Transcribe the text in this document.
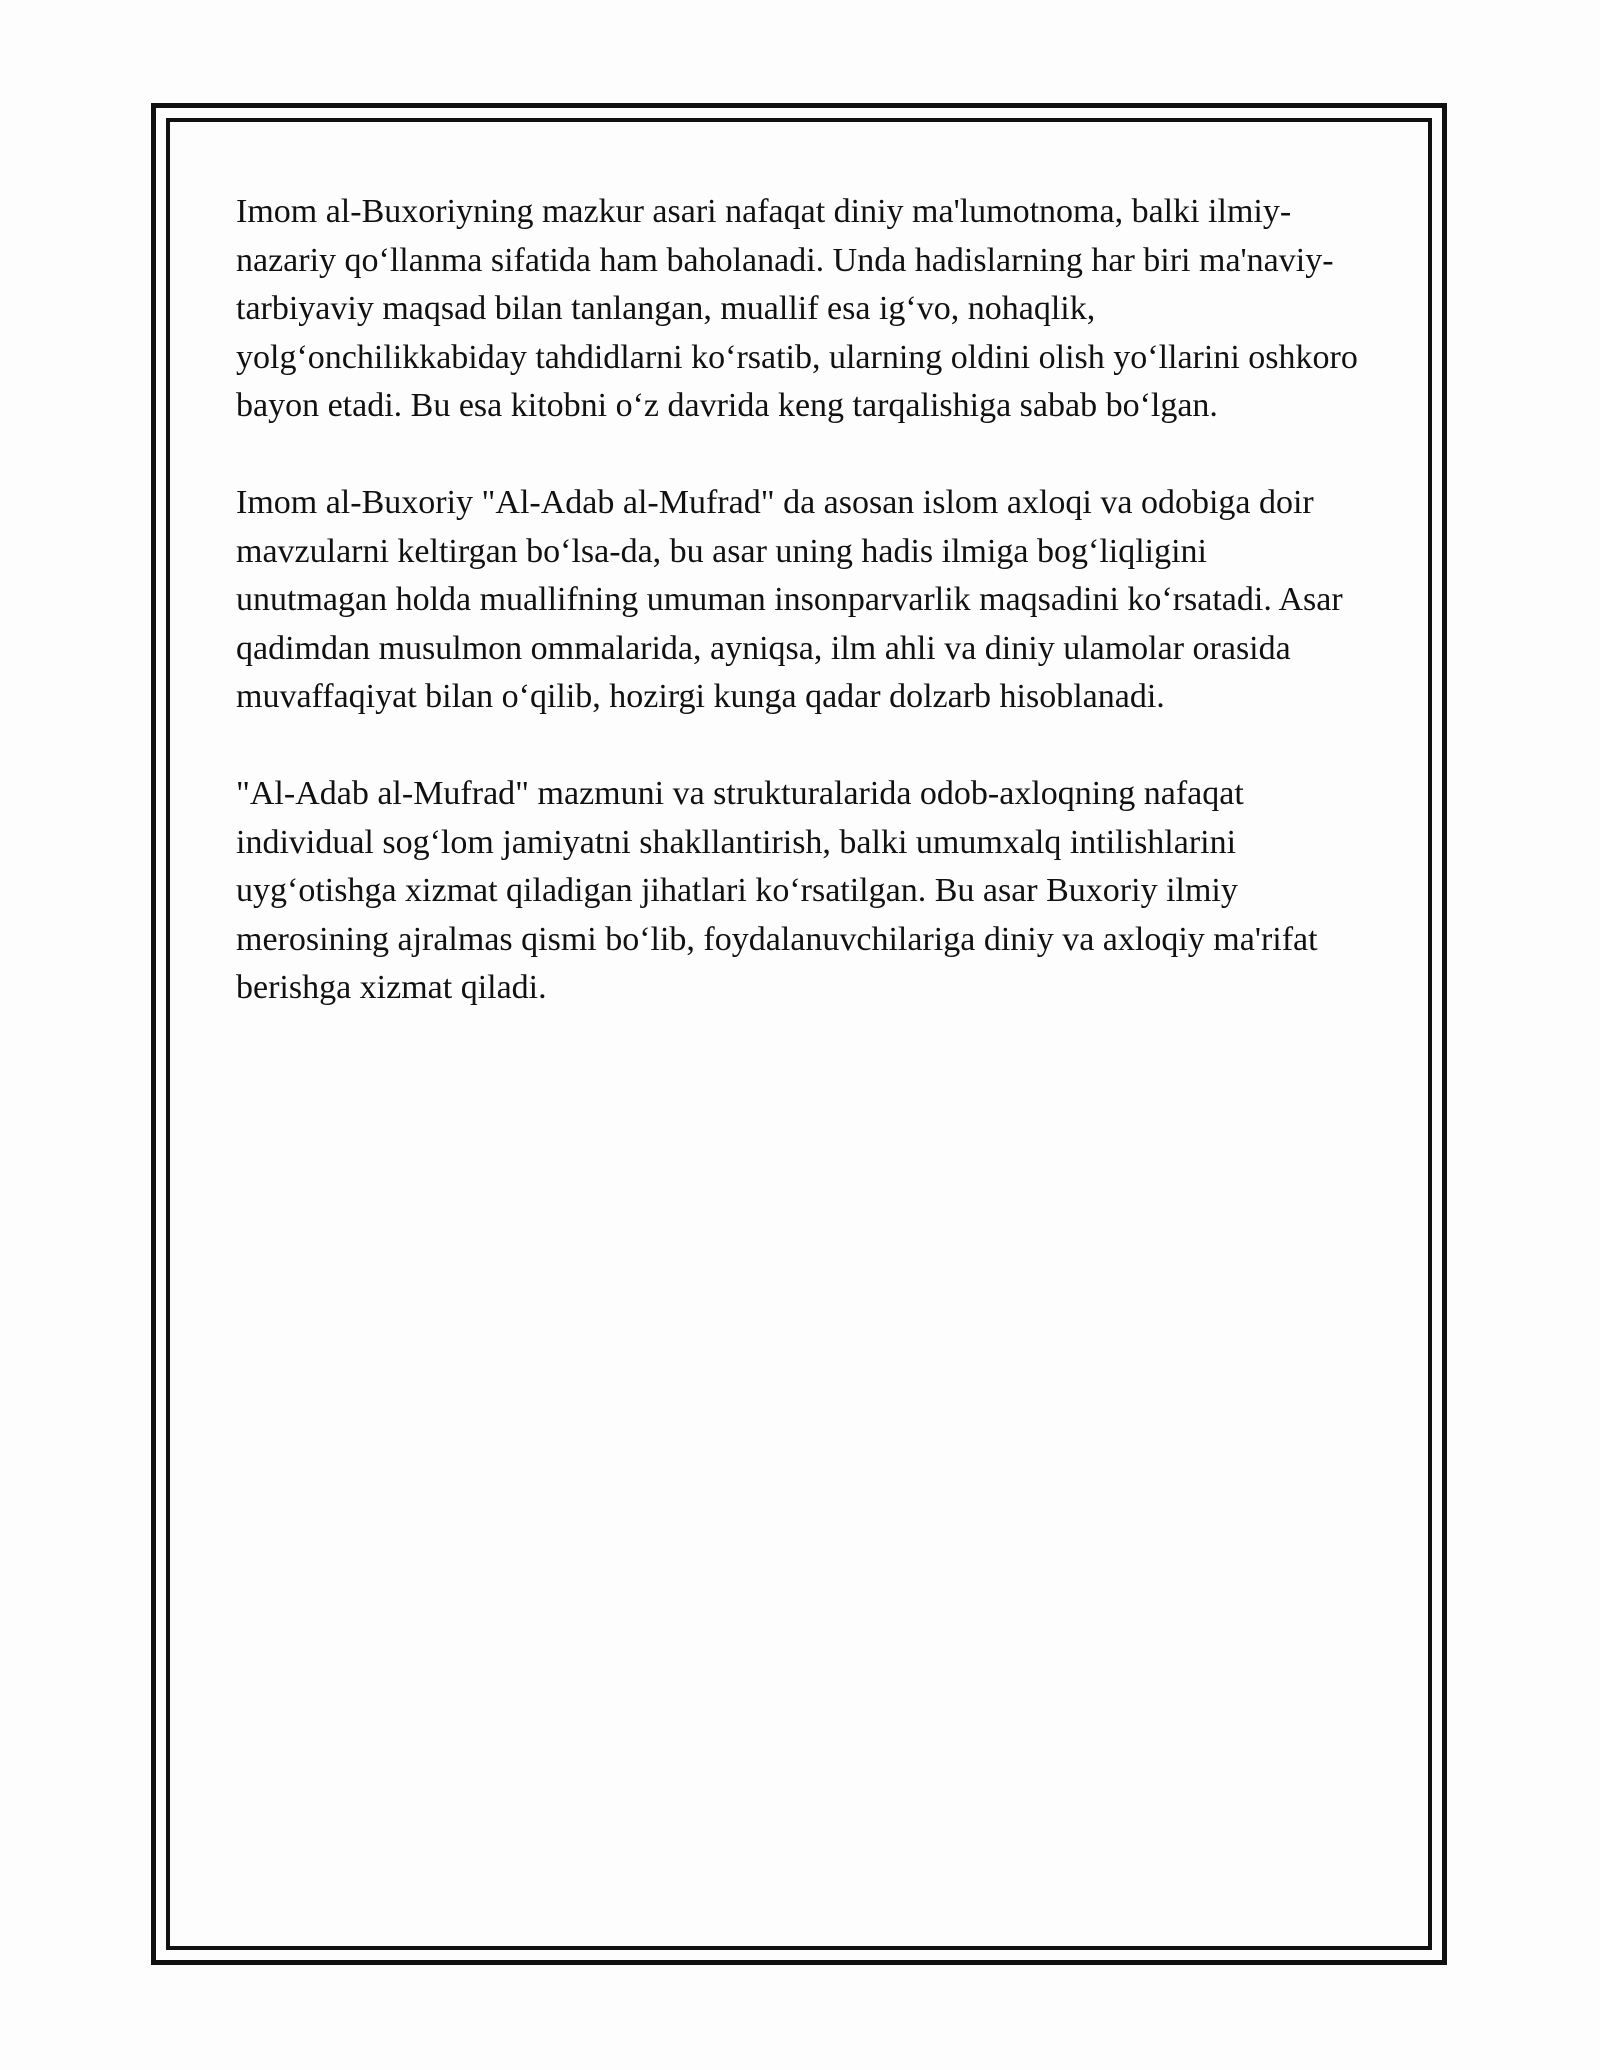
Imom al-Buxoriyning mazkur asari nafaqat diniy ma'lumotnoma, balki ilmiy-nazariy qo‘llanma sifatida ham baholanadi. Unda hadislarning har biri ma'naviy-tarbiyaviy maqsad bilan tanlangan, muallif esa ig‘vo, nohaqlik, yolg‘onchilikkabiday tahdidlarni ko‘rsatib, ularning oldini olish yo‘llarini oshkoro bayon etadi. Bu esa kitobni o‘z davrida keng tarqalishiga sabab bo‘lgan.

Imom al-Buxoriy "Al-Adab al-Mufrad" da asosan islom axloqi va odobiga doir mavzularni keltirgan bo‘lsa-da, bu asar uning hadis ilmiga bog‘liqligini unutmagan holda muallifning umuman insonparvarlik maqsadini ko‘rsatadi. Asar qadimdan musulmon ommalarida, ayniqsa, ilm ahli va diniy ulamolar orasida muvaffaqiyat bilan o‘qilib, hozirgi kunga qadar dolzarb hisoblanadi.

"Al-Adab al-Mufrad" mazmuni va strukturalarida odob-axloqning nafaqat individual sog‘lom jamiyatni shakllantirish, balki umumxalq intilishlarini uyg‘otishga xizmat qiladigan jihatlari ko‘rsatilgan. Bu asar Buxoriy ilmiy merosining ajralmas qismi bo‘lib, foydalanuvchilariga diniy va axloqiy ma'rifat berishga xizmat qiladi.
